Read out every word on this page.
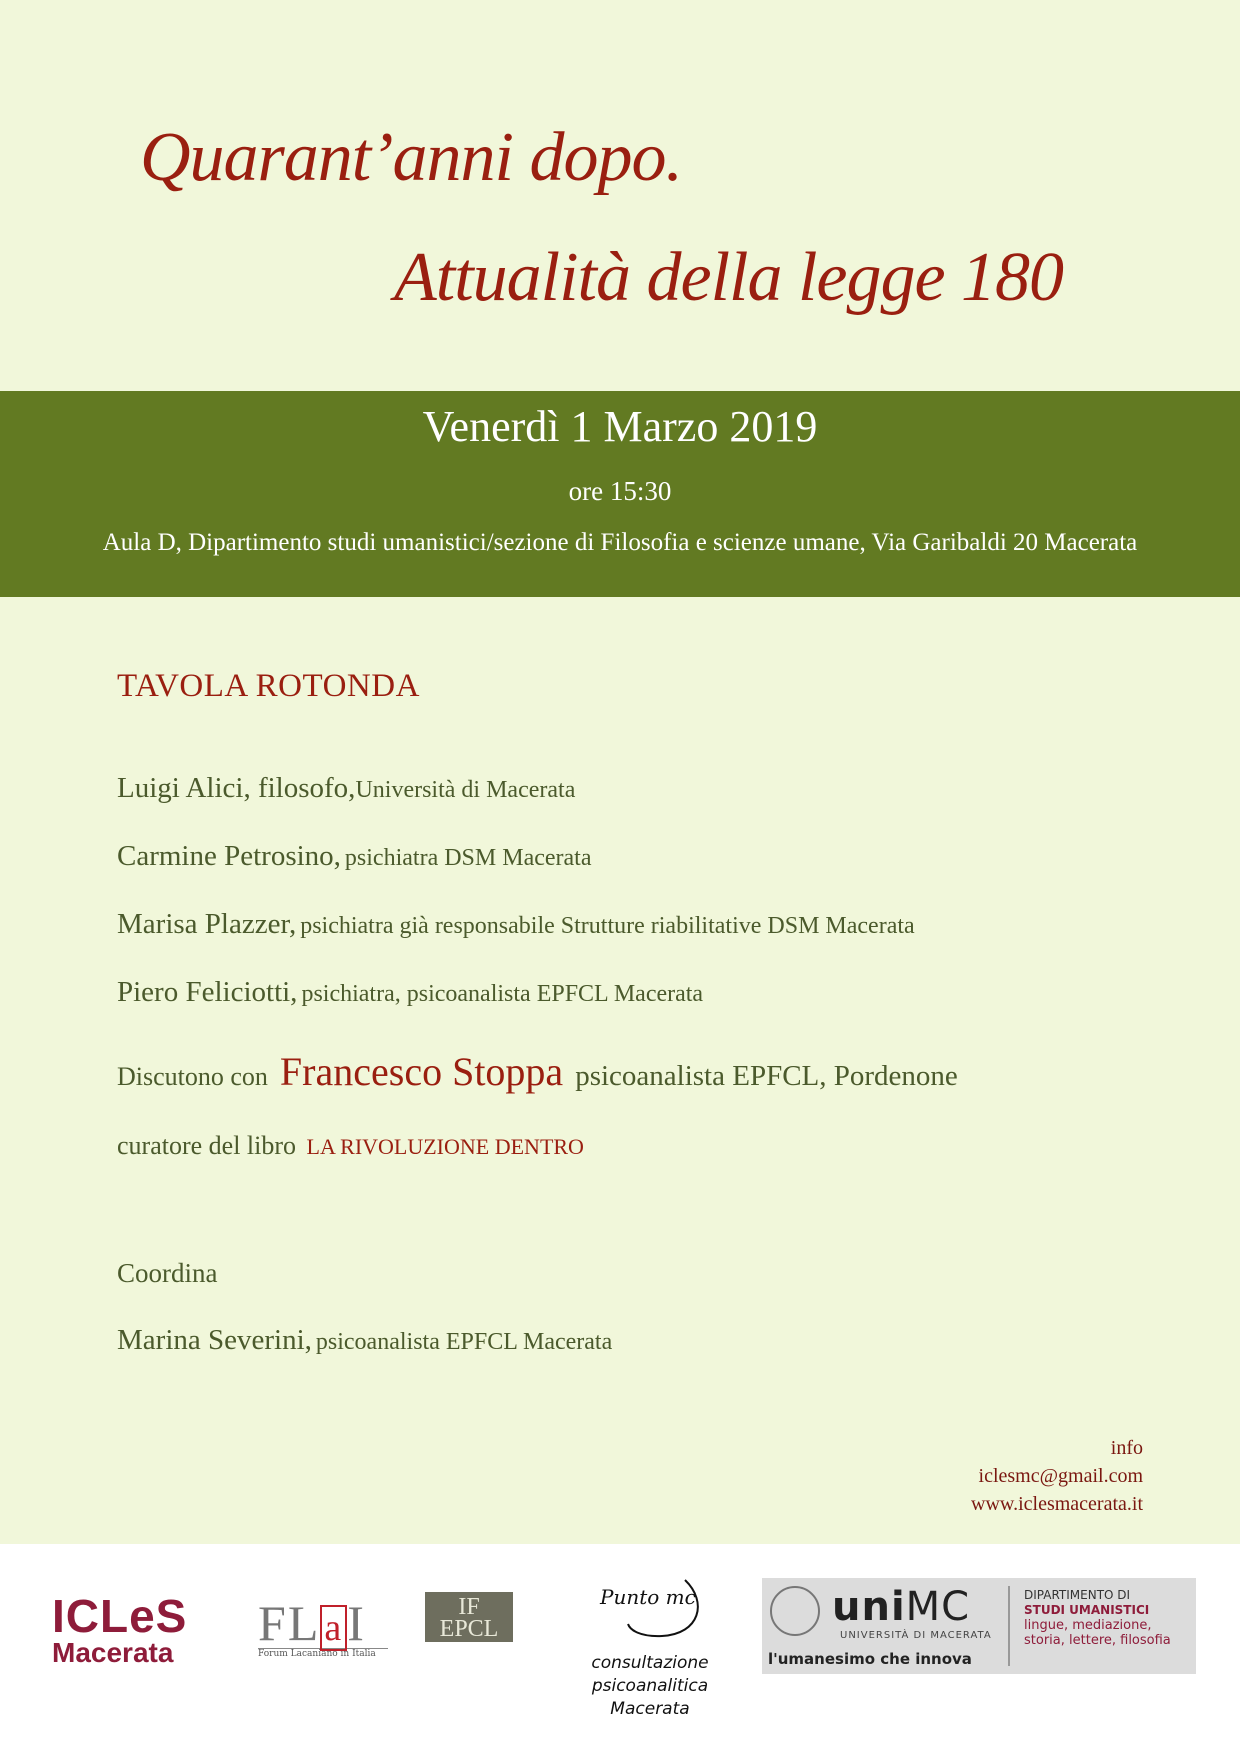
Quarant’anni dopo.
Attualità della legge 180
Venerdì 1 Marzo 2019
ore 15:30
Aula D, Dipartimento studi umanistici/sezione di Filosofia e scienze umane, Via Garibaldi 20 Macerata
TAVOLA ROTONDA
Luigi Alici, filosofo,Università di Macerata
Carmine Petrosino, psichiatra DSM Macerata
Marisa Plazzer, psichiatra già responsabile Strutture riabilitative DSM Macerata
Piero Feliciotti, psichiatra, psicoanalista EPFCL Macerata
Discutono con Francesco Stoppa psicoanalista EPFCL, Pordenone
curatore del libro LA RIVOLUZIONE DENTRO
Coordina
Marina Severini, psicoanalista EPFCL Macerata
info
iclesmc@gmail.com
www.iclesmacerata.it
ICLeS
Macerata
FL aI
Forum Lacaniano in Italia
IF
EPCL
Punto mc
consultazione
psicoanalitica
Macerata
uniMC
UNIVERSITÀ DI MACERATA
l'umanesimo che innova
DIPARTIMENTO DI
STUDI UMANISTICI
lingue, mediazione,
storia, lettere, filosofia
